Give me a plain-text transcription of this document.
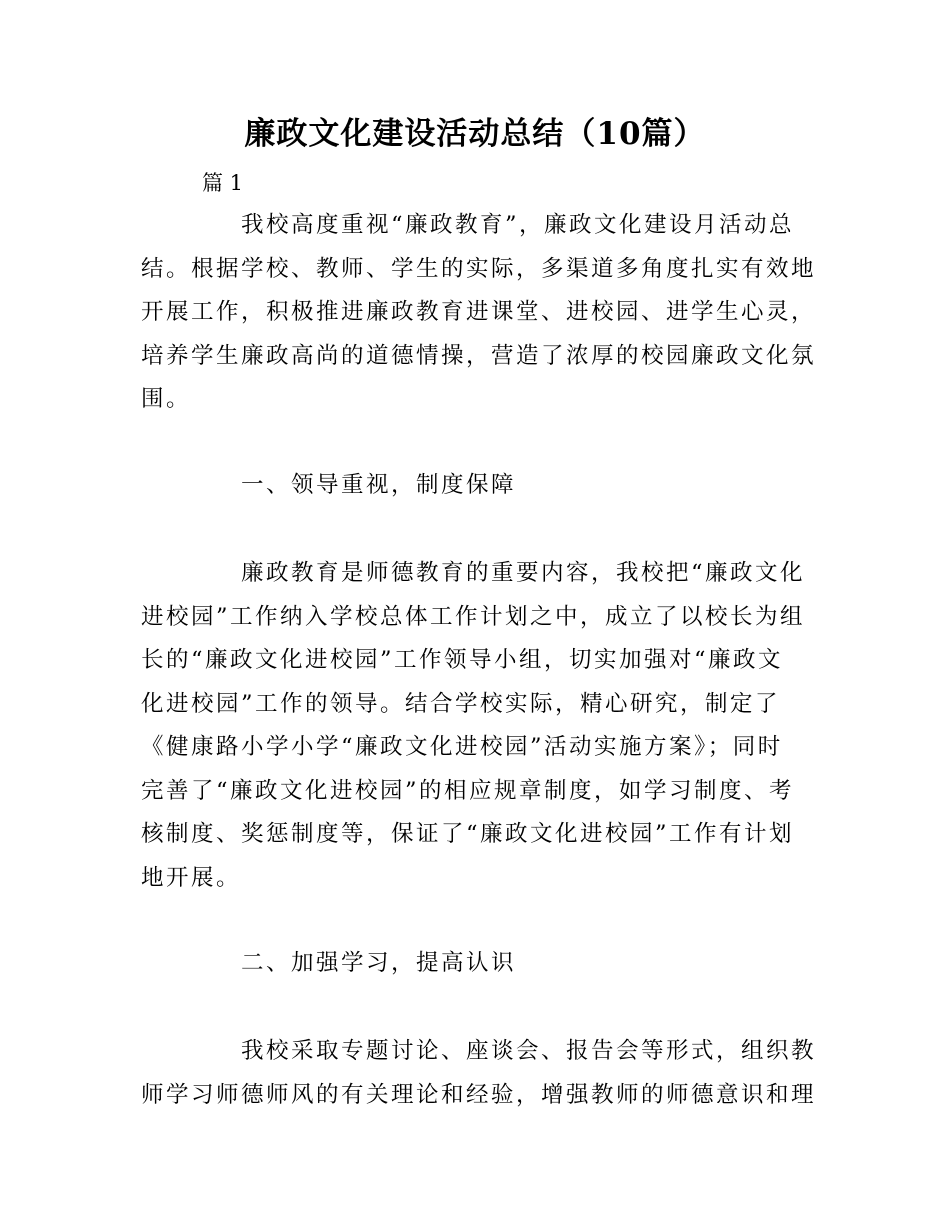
廉政文化建设活动总结（10篇）
篇 1
我校高度重视“廉政教育”，廉政文化建设月活动总
结。根据学校、教师、学生的实际，多渠道多角度扎实有效地
开展工作，积极推进廉政教育进课堂、进校园、进学生心灵，
培养学生廉政高尚的道德情操，营造了浓厚的校园廉政文化氛
围。
一、领导重视，制度保障
廉政教育是师德教育的重要内容，我校把“廉政文化
进校园”工作纳入学校总体工作计划之中，成立了以校长为组
长的“廉政文化进校园”工作领导小组，切实加强对“廉政文
化进校园”工作的领导。结合学校实际，精心研究，制定了
《健康路小学小学“廉政文化进校园”活动实施方案》；同时
完善了“廉政文化进校园”的相应规章制度，如学习制度、考
核制度、奖惩制度等，保证了“廉政文化进校园”工作有计划
地开展。
二、加强学习，提高认识
我校采取专题讨论、座谈会、报告会等形式，组织教
师学习师德师风的有关理论和经验，增强教师的师德意识和理
